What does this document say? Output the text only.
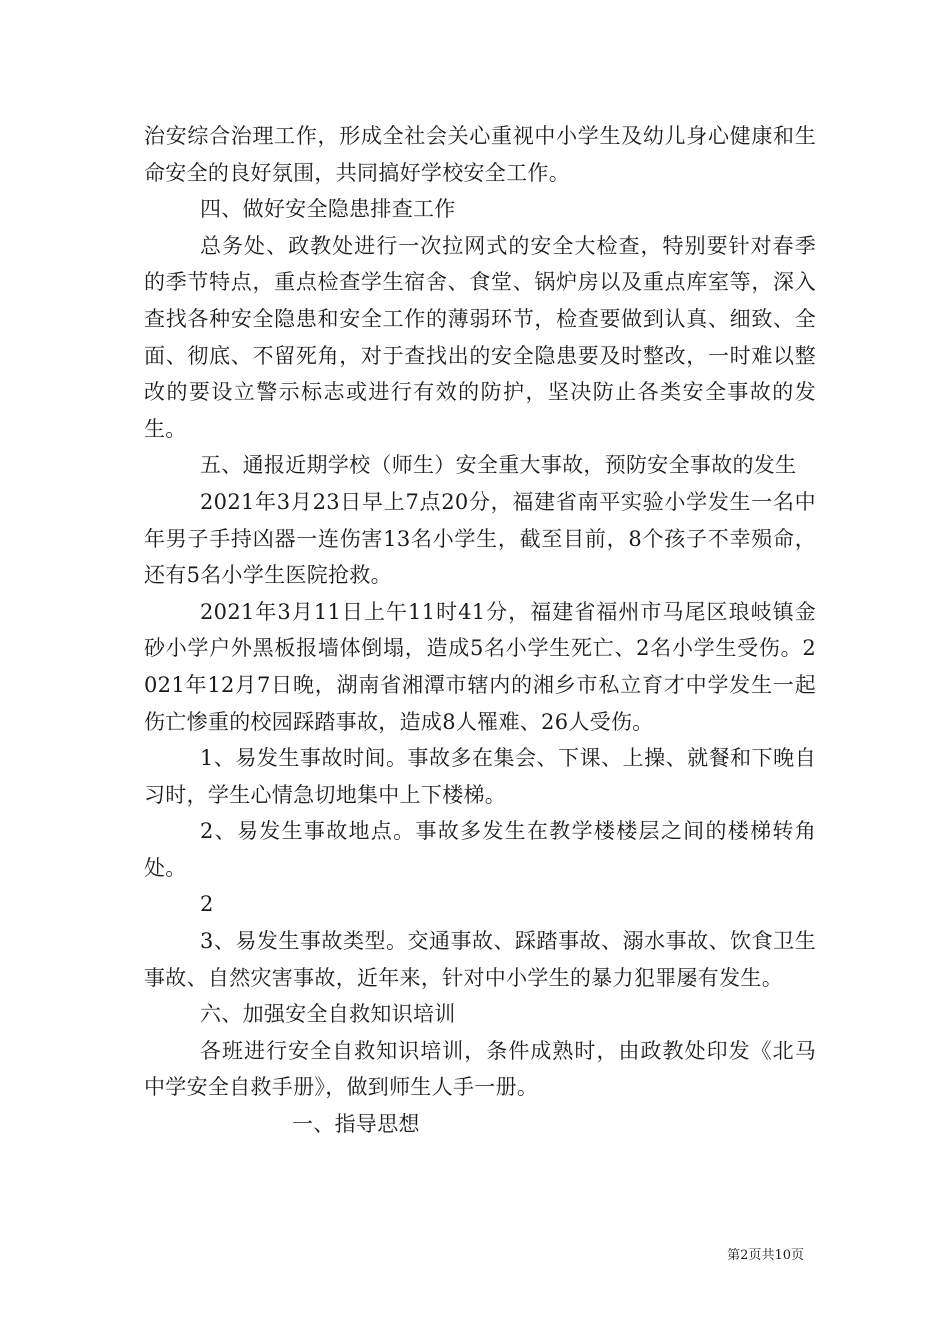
治安综合治理工作，形成全社会关心重视中小学生及幼儿身心健康和生命安全的良好氛围，共同搞好学校安全工作。

四、做好安全隐患排查工作

总务处、政教处进行一次拉网式的安全大检查，特别要针对春季的季节特点，重点检查学生宿舍、食堂、锅炉房以及重点库室等，深入查找各种安全隐患和安全工作的薄弱环节，检查要做到认真、细致、全面、彻底、不留死角，对于查找出的安全隐患要及时整改，一时难以整改的要设立警示标志或进行有效的防护，坚决防止各类安全事故的发生。

五、通报近期学校（师生）安全重大事故，预防安全事故的发生

2021年3月23日早上7点20分，福建省南平实验小学发生一名中年男子手持凶器一连伤害13名小学生，截至目前，8个孩子不幸殒命，还有5名小学生医院抢救。

2021年3月11日上午11时41分，福建省福州市马尾区琅岐镇金砂小学户外黑板报墙体倒塌，造成5名小学生死亡、2名小学生受伤。2021年12月7日晚，湖南省湘潭市辖内的湘乡市私立育才中学发生一起伤亡惨重的校园踩踏事故，造成8人罹难、26人受伤。

1、易发生事故时间。事故多在集会、下课、上操、就餐和下晚自习时，学生心情急切地集中上下楼梯。

2、易发生事故地点。事故多发生在教学楼楼层之间的楼梯转角处。

2

3、易发生事故类型。交通事故、踩踏事故、溺水事故、饮食卫生事故、自然灾害事故，近年来，针对中小学生的暴力犯罪屡有发生。

六、加强安全自救知识培训

各班进行安全自救知识培训，条件成熟时，由政教处印发《北马中学安全自救手册》，做到师生人手一册。

一、指导思想

第2页共10页
